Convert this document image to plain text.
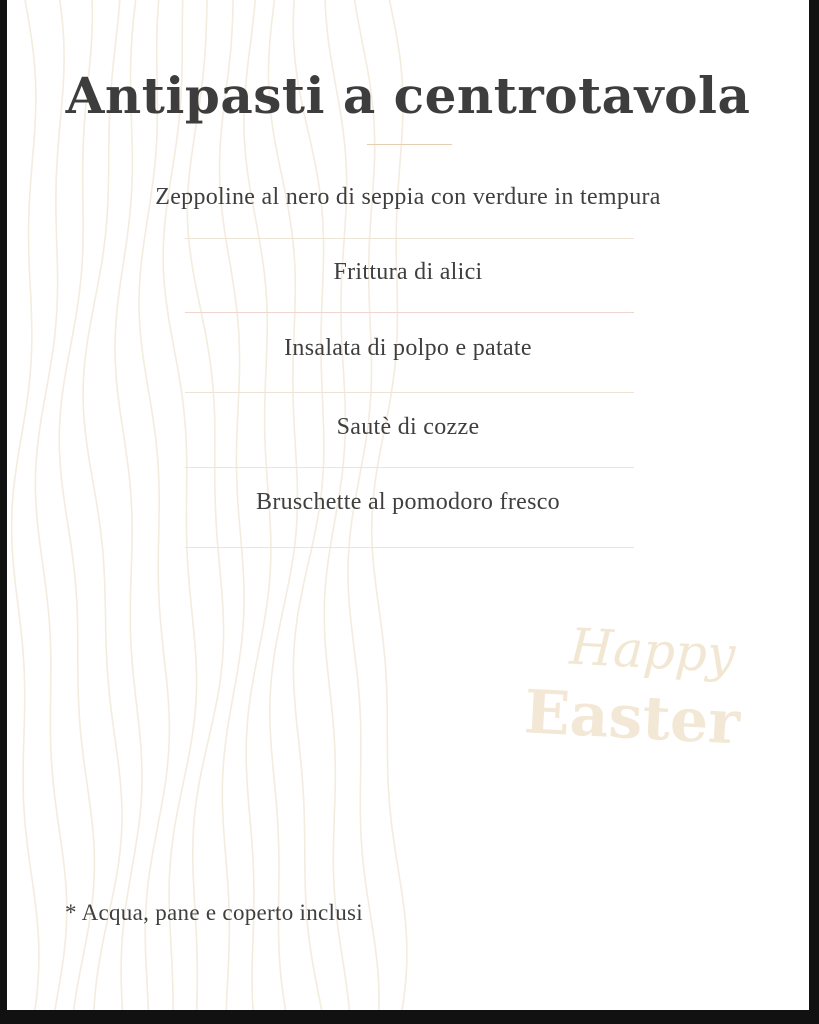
Antipasti a centrotavola
Zeppoline al nero di seppia con verdure in tempura
Frittura di alici
Insalata di polpo e patate
Sautè di cozze
Bruschette al pomodoro fresco
Happy
Easter
* Acqua, pane e coperto inclusi
